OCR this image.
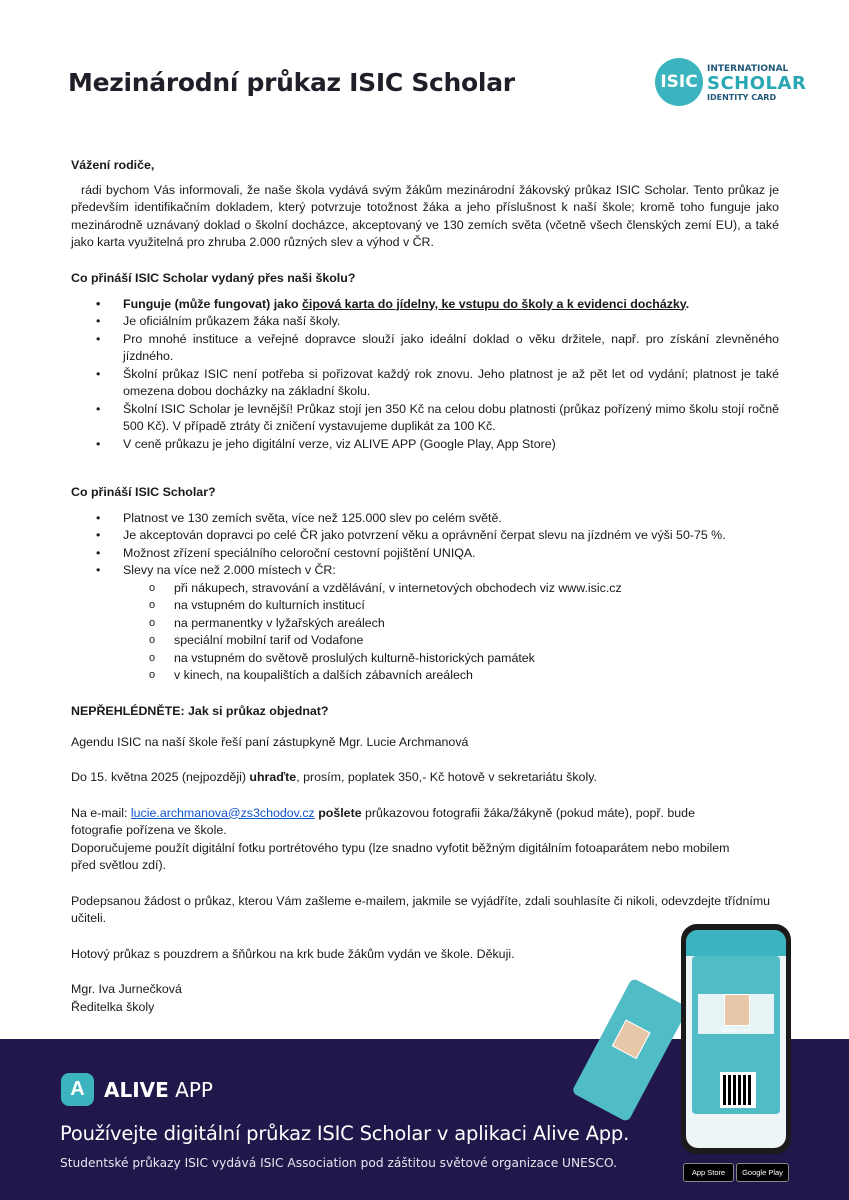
Mezinárodní průkaz ISIC Scholar	ISIC
INTERNATIONAL
SCHOLAR
IDENTITY CARD

Vážení rodiče,

rádi bychom Vás informovali, že naše škola vydává svým žákům mezinárodní žákovský průkaz ISIC Scholar. Tento průkaz je především identifikačním dokladem, který potvrzuje totožnost žáka a jeho příslušnost k naší škole; kromě toho funguje jako mezinárodně uznávaný doklad o školní docházce, akceptovaný ve 130 zemích světa (včetně všech členských zemí EU), a také jako karta využitelná pro zhruba 2.000 různých slev a výhod v ČR.

Co přináší ISIC Scholar vydaný přes naši školu?

• Funguje (může fungovat) jako čipová karta do jídelny, ke vstupu do školy a k evidenci docházky.
• Je oficiálním průkazem žáka naší školy.
• Pro mnohé instituce a veřejné dopravce slouží jako ideální doklad o věku držitele, např. pro získání zlevněného jízdného.
• Školní průkaz ISIC není potřeba si pořizovat každý rok znovu. Jeho platnost je až pět let od vydání; platnost je také omezena dobou docházky na základní školu.
• Školní ISIC Scholar je levnější! Průkaz stojí jen 350 Kč na celou dobu platnosti (průkaz pořízený mimo školu stojí ročně 500 Kč). V případě ztráty či zničení vystavujeme duplikát za 100 Kč.
• V ceně průkazu je jeho digitální verze, viz ALIVE APP (Google Play, App Store)

Co přináší ISIC Scholar?

• Platnost ve 130 zemích světa, více než 125.000 slev po celém světě.
• Je akceptován dopravci po celé ČR jako potvrzení věku a oprávnění čerpat slevu na jízdném ve výši 50-75 %.
• Možnost zřízení speciálního celoroční cestovní pojištění UNIQA.
• Slevy na více než 2.000 místech v ČR:
o při nákupech, stravování a vzdělávání, v internetových obchodech viz www.isic.cz
o na vstupném do kulturních institucí
o na permanentky v lyžařských areálech
o speciální mobilní tarif od Vodafone
o na vstupném do světově proslulých kulturně-historických památek
o v kinech, na koupalištích a dalších zábavních areálech

NEPŘEHLÉDNĚTE: Jak si průkaz objednat?

Agendu ISIC na naší škole řeší paní zástupkyně Mgr. Lucie Archmanová

Do 15. května 2025 (nejpozději) uhraďte, prosím, poplatek 350,- Kč hotově v sekretariátu školy.

Na e-mail: lucie.archmanova@zs3chodov.cz pošlete průkazovou fotografii žáka/žákyně (pokud máte), popř. bude fotografie pořízena ve škole.

Doporučujeme použít digitální fotku portrétového typu (lze snadno vyfotit běžným digitálním fotoaparátem nebo mobilem před světlou zdí).

Podepsanou žádost o průkaz, kterou Vám zašleme e-mailem, jakmile se vyjádříte, zdali souhlasíte či nikoli, odevzdejte třídnímu učiteli.

Hotový průkaz s pouzdrem a šňůrkou na krk bude žákům vydán ve škole. Děkuji.

Mgr. Iva Jurnečková

Ředitelka školy

A ALIVE APP
Používejte digitální průkaz ISIC Scholar v aplikaci Alive App.
Studentské průkazy ISIC vydává ISIC Association pod záštitou světové organizace UNESCO.
Michal Černý
App Store	Google Play
